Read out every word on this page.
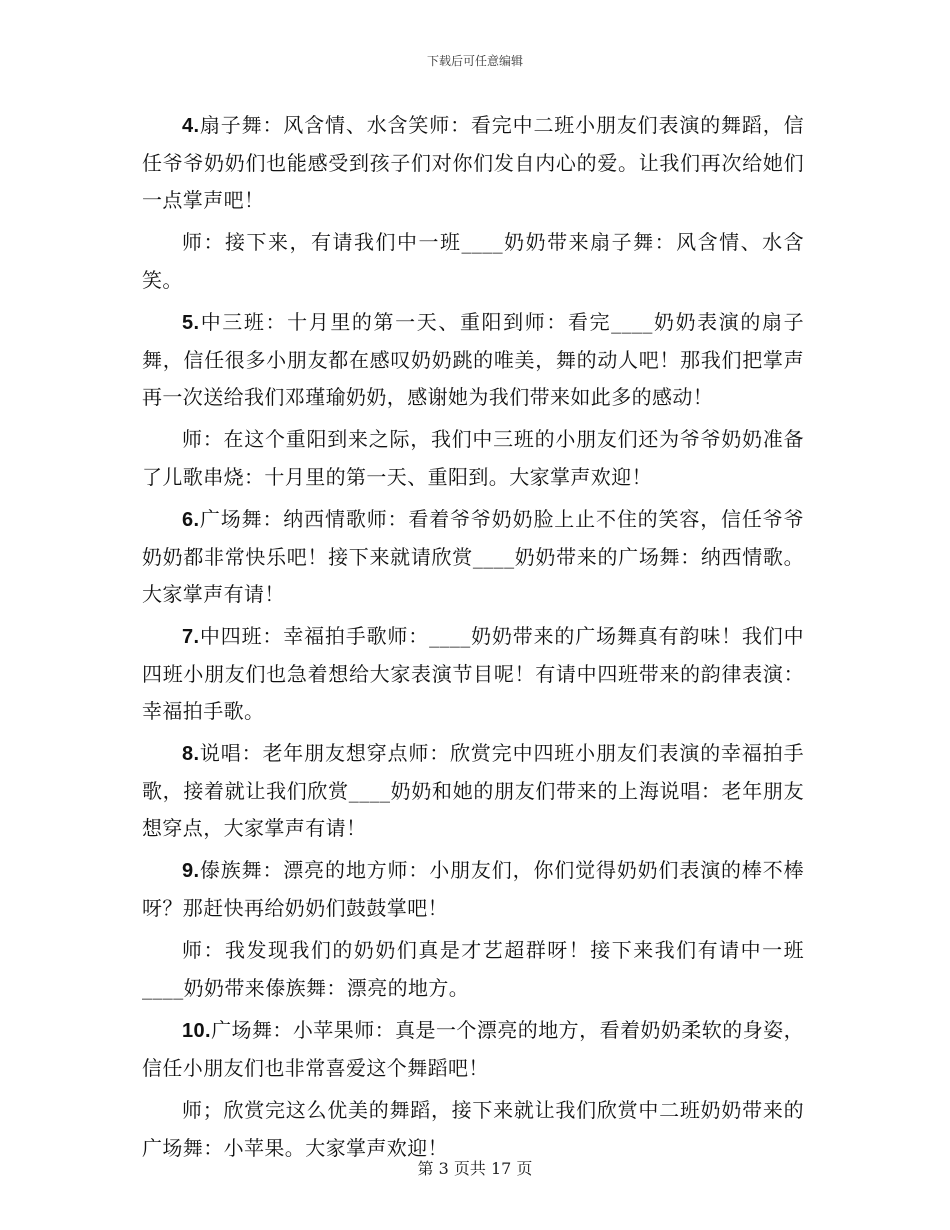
下载后可任意编辑

4.扇子舞：风含情、水含笑师：看完中二班小朋友们表演的舞蹈，信任爷爷奶奶们也能感受到孩子们对你们发自内心的爱。让我们再次给她们一点掌声吧！

师：接下来，有请我们中一班____奶奶带来扇子舞：风含情、水含笑。

5.中三班：十月里的第一天、重阳到师：看完____奶奶表演的扇子舞，信任很多小朋友都在感叹奶奶跳的唯美，舞的动人吧！那我们把掌声再一次送给我们邓瑾瑜奶奶，感谢她为我们带来如此多的感动！

师：在这个重阳到来之际，我们中三班的小朋友们还为爷爷奶奶准备了儿歌串烧：十月里的第一天、重阳到。大家掌声欢迎！

6.广场舞：纳西情歌师：看着爷爷奶奶脸上止不住的笑容，信任爷爷奶奶都非常快乐吧！接下来就请欣赏____奶奶带来的广场舞：纳西情歌。大家掌声有请！

7.中四班：幸福拍手歌师：____奶奶带来的广场舞真有韵味！我们中四班小朋友们也急着想给大家表演节目呢！有请中四班带来的韵律表演：幸福拍手歌。

8.说唱：老年朋友想穿点师：欣赏完中四班小朋友们表演的幸福拍手歌，接着就让我们欣赏____奶奶和她的朋友们带来的上海说唱：老年朋友想穿点，大家掌声有请！

9.傣族舞：漂亮的地方师：小朋友们，你们觉得奶奶们表演的棒不棒呀？那赶快再给奶奶们鼓鼓掌吧！

师：我发现我们的奶奶们真是才艺超群呀！接下来我们有请中一班____奶奶带来傣族舞：漂亮的地方。

10.广场舞：小苹果师：真是一个漂亮的地方，看着奶奶柔软的身姿，信任小朋友们也非常喜爱这个舞蹈吧！

师；欣赏完这么优美的舞蹈，接下来就让我们欣赏中二班奶奶带来的广场舞：小苹果。大家掌声欢迎！

第 3 页共 17 页
